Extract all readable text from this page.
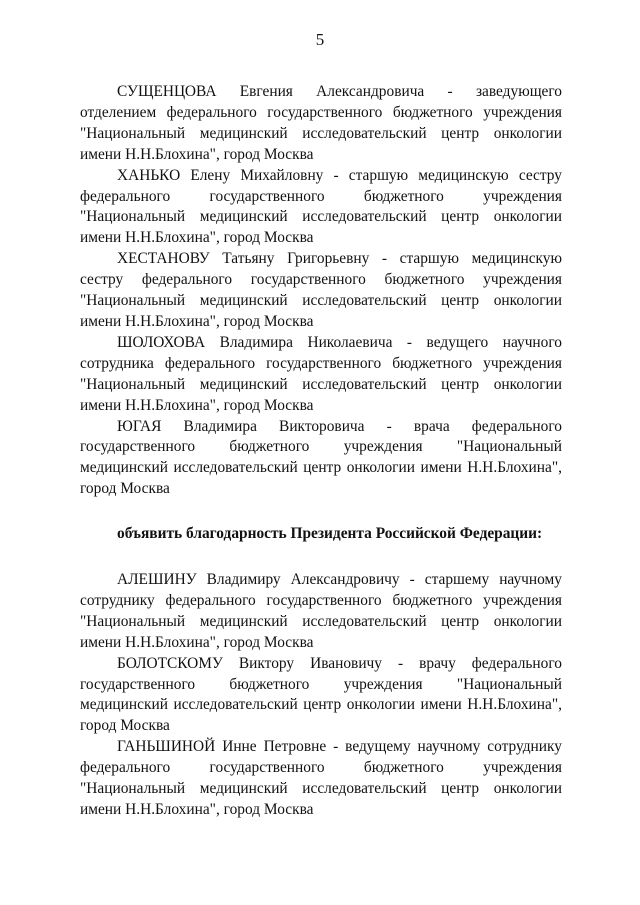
5

СУЩЕНЦОВА Евгения Александровича - заведующего отделением федерального государственного бюджетного учреждения "Национальный медицинский исследовательский центр онкологии имени Н.Н.Блохина", город Москва

ХАНЬКО Елену Михайловну - старшую медицинскую сестру федерального государственного бюджетного учреждения "Национальный медицинский исследовательский центр онкологии имени Н.Н.Блохина", город Москва

ХЕСТАНОВУ Татьяну Григорьевну - старшую медицинскую сестру федерального государственного бюджетного учреждения "Национальный медицинский исследовательский центр онкологии имени Н.Н.Блохина", город Москва

ШОЛОХОВА Владимира Николаевича - ведущего научного сотрудника федерального государственного бюджетного учреждения "Национальный медицинский исследовательский центр онкологии имени Н.Н.Блохина", город Москва

ЮГАЯ Владимира Викторовича - врача федерального государственного бюджетного учреждения "Национальный медицинский исследовательский центр онкологии имени Н.Н.Блохина", город Москва

объявить благодарность Президента Российской Федерации:

АЛЕШИНУ Владимиру Александровичу - старшему научному сотруднику федерального государственного бюджетного учреждения "Национальный медицинский исследовательский центр онкологии имени Н.Н.Блохина", город Москва

БОЛОТСКОМУ Виктору Ивановичу - врачу федерального государственного бюджетного учреждения "Национальный медицинский исследовательский центр онкологии имени Н.Н.Блохина", город Москва

ГАНЬШИНОЙ Инне Петровне - ведущему научному сотруднику федерального государственного бюджетного учреждения "Национальный медицинский исследовательский центр онкологии имени Н.Н.Блохина", город Москва
